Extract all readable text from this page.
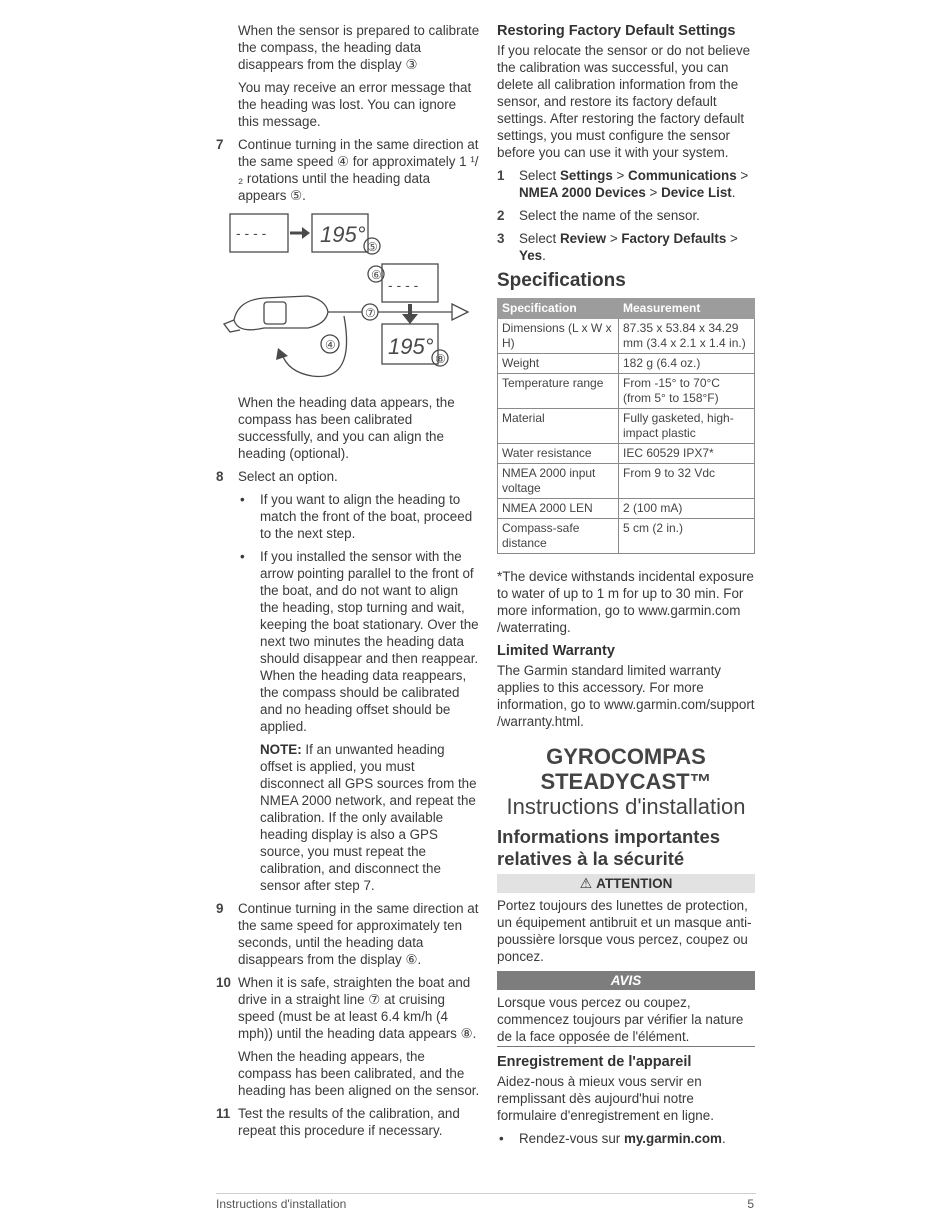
When the sensor is prepared to calibrate the compass, the heading data disappears from the display ③

You may receive an error message that the heading was lost. You can ignore this message.

7 Continue turning in the same direction at the same speed ④ for approximately 1 ¹/₂ rotations until the heading data appears ⑤.
- - - - 195°
- - - -
195°
⑤
⑥
⑦
④
⑧

When the heading data appears, the compass has been calibrated successfully, and you can align the heading (optional).

8 Select an option.
• If you want to align the heading to match the front of the boat, proceed to the next step.
• If you installed the sensor with the arrow pointing parallel to the front of the boat, and do not want to align the heading, stop turning and wait, keeping the boat stationary. Over the next two minutes the heading data should disappear and then reappear. When the heading data reappears, the compass should be calibrated and no heading offset should be applied.

NOTE: If an unwanted heading offset is applied, you must disconnect all GPS sources from the NMEA 2000 network, and repeat the calibration. If the only available heading display is also a GPS source, you must repeat the calibration, and disconnect the sensor after step 7.

9 Continue turning in the same direction at the same speed for approximately ten seconds, until the heading data disappears from the display ⑥.
10 When it is safe, straighten the boat and drive in a straight line ⑦ at cruising speed (must be at least 6.4 km/h (4 mph)) until the heading data appears ⑧.

When the heading appears, the compass has been calibrated, and the heading has been aligned on the sensor.

11 Test the results of the calibration, and repeat this procedure if necessary.
Restoring Factory Default Settings

If you relocate the sensor or do not believe the calibration was successful, you can delete all calibration information from the sensor, and restore its factory default settings. After restoring the factory default settings, you must configure the sensor before you can use it with your system.

1 Select Settings > Communications > NMEA 2000 Devices > Device List.
2 Select the name of the sensor.
3 Select Review > Factory Defaults > Yes.
Specifications
Specification	Measurement
Dimensions (L x W x H)	87.35 x 53.84 x 34.29 mm (3.4 x 2.1 x 1.4 in.)
Weight	182 g (6.4 oz.)
Temperature range	From -15° to 70°C (from 5° to 158°F)
Material	Fully gasketed, high-impact plastic
Water resistance	IEC 60529 IPX7*
NMEA 2000 input voltage	From 9 to 32 Vdc
NMEA 2000 LEN	2 (100 mA)
Compass-safe distance	5 cm (2 in.)

*The device withstands incidental exposure to water of up to 1 m for up to 30 min. For more information, go to www.garmin.com /waterrating.

Limited Warranty

The Garmin standard limited warranty applies to this accessory. For more information, go to www.garmin.com/support /warranty.html.

GYROCOMPAS
STEADYCAST™
Instructions d'installation
Informations importantes relatives à la sécurité
⚠ ATTENTION

Portez toujours des lunettes de protection, un équipement antibruit et un masque anti-poussière lorsque vous percez, coupez ou poncez.

AVIS

Lorsque vous percez ou coupez, commencez toujours par vérifier la nature de la face opposée de l'élément.

Enregistrement de l'appareil

Aidez-nous à mieux vous servir en remplissant dès aujourd'hui notre formulaire d'enregistrement en ligne.

• Rendez-vous sur my.garmin.com.
Instructions d'installation	5
